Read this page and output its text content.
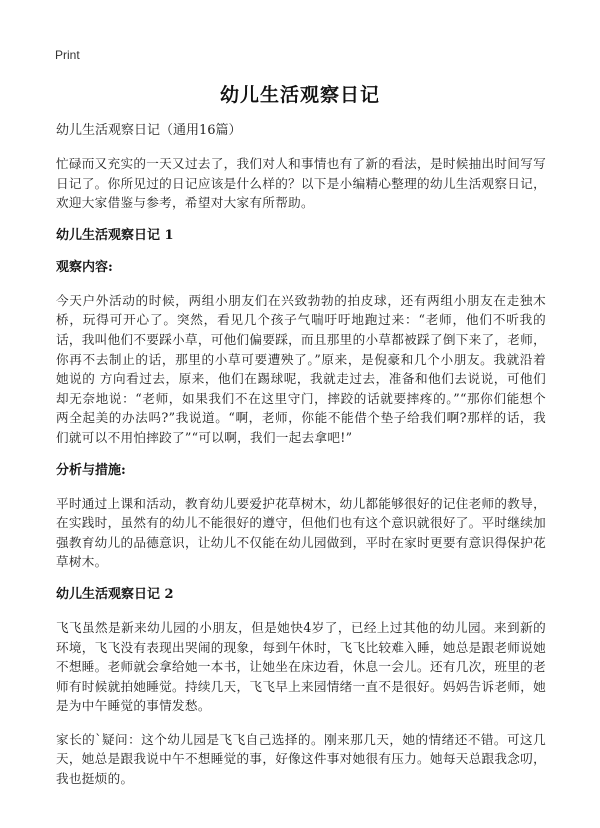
Print
幼儿生活观察日记

幼儿生活观察日记（通用16篇）

忙碌而又充实的一天又过去了，我们对人和事情也有了新的看法，是时候抽出时间写写日记了。你所见过的日记应该是什么样的？以下是小编精心整理的幼儿生活观察日记，欢迎大家借鉴与参考，希望对大家有所帮助。

幼儿生活观察日记 1

观察内容:

今天户外活动的时候，两组小朋友们在兴致勃勃的拍皮球，还有两组小朋友在走独木桥，玩得可开心了。突然，看见几个孩子气喘吁吁地跑过来：“老师，他们不听我的话，我叫他们不要踩小草，可他们偏要踩，而且那里的小草都被踩了倒下来了，老师，你再不去制止的话，那里的小草可要遭殃了。”原来，是倪豪和几个小朋友。我就沿着她说的 方向看过去，原来，他们在踢球呢，我就走过去，准备和他们去说说，可他们却无奈地说：“老师，如果我们不在这里守门，摔跤的话就要摔疼的。”“那你们能想个两全起美的办法吗?”我说道。“啊，老师，你能不能借个垫子给我们啊?那样的话，我们就可以不用怕摔跤了”“可以啊，我们一起去拿吧!”

分析与措施:

平时通过上课和活动，教育幼儿要爱护花草树木，幼儿都能够很好的记住老师的教导，在实践时，虽然有的幼儿不能很好的遵守，但他们也有这个意识就很好了。平时继续加强教育幼儿的品德意识，让幼儿不仅能在幼儿园做到，平时在家时更要有意识得保护花草树木。

幼儿生活观察日记 2

飞飞虽然是新来幼儿园的小朋友，但是她快4岁了，已经上过其他的幼儿园。来到新的环境，飞飞没有表现出哭闹的现象，每到午休时，飞飞比较难入睡，她总是跟老师说她不想睡。老师就会拿给她一本书，让她坐在床边看，休息一会儿。还有几次，班里的老师有时候就拍她睡觉。持续几天，飞飞早上来园情绪一直不是很好。妈妈告诉老师，她是为中午睡觉的事情发愁。

家长的`疑问：这个幼儿园是飞飞自己选择的。刚来那几天，她的情绪还不错。可这几天，她总是跟我说中午不想睡觉的事，好像这件事对她很有压力。她每天总跟我念叨，我也挺烦的。
